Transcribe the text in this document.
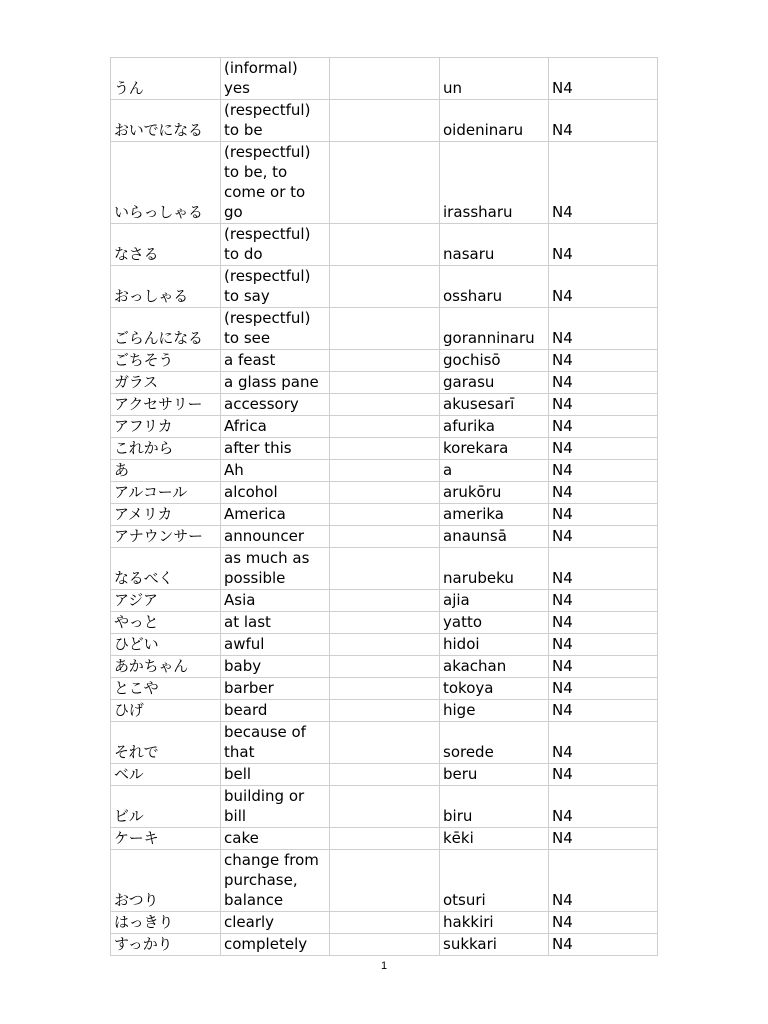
うん	(informal) yes		un	N4
おいでになる	(respectful) to be		oideninaru	N4
いらっしゃる	(respectful) to be, to come or to go		irassharu	N4
なさる	(respectful) to do		nasaru	N4
おっしゃる	(respectful) to say		ossharu	N4
ごらんになる	(respectful) to see		goranninaru	N4
ごちそう	a feast		gochisō	N4
ガラス	a glass pane		garasu	N4
アクセサリー	accessory		akusesarī	N4
アフリカ	Africa		afurika	N4
これから	after this		korekara	N4
あ	Ah		a	N4
アルコール	alcohol		arukōru	N4
アメリカ	America		amerika	N4
アナウンサー	announcer		anaunsā	N4
なるべく	as much as possible		narubeku	N4
アジア	Asia		ajia	N4
やっと	at last		yatto	N4
ひどい	awful		hidoi	N4
あかちゃん	baby		akachan	N4
とこや	barber		tokoya	N4
ひげ	beard		hige	N4
それで	because of that		sorede	N4
ベル	bell		beru	N4
ビル	building or bill		biru	N4
ケーキ	cake		kēki	N4
おつり	change from purchase, balance		otsuri	N4
はっきり	clearly		hakkiri	N4
すっかり	completely		sukkari	N4
1
